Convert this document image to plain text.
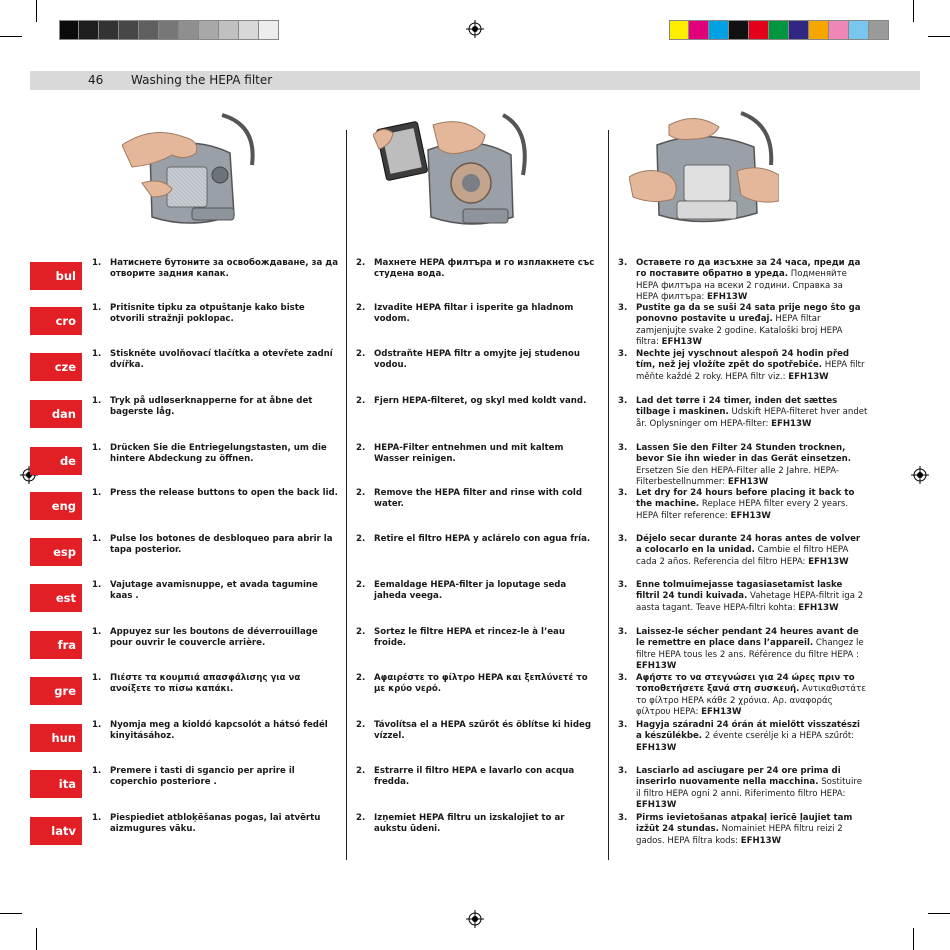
46 Washing the HEPA filter
bul
1. Натиснете бутоните за освобождаване, за да отворите задния капак.
2. Махнете HEPA филтъра и го изплакнете със студена вода.
3. Оставете го да изсъхне за 24 часа, преди да го поставите обратно в уреда. Подменяйте HEPA филтъра на всеки 2 години. Справка за HEPA филтъра: EFH13W
cro
1. Pritisnite tipku za otpuštanje kako biste otvorili stražnji poklopac.
2. Izvadite HEPA filtar i isperite ga hladnom vodom.
3. Pustite ga da se suši 24 sata prije nego što ga ponovno postavite u uređaj. HEPA filtar zamjenjujte svake 2 godine. Kataloški broj HEPA filtra: EFH13W
cze
1. Stiskněte uvolňovací tlačítka a otevřete zadní dvířka.
2. Odstraňte HEPA filtr a omyjte jej studenou vodou.
3. Nechte jej vyschnout alespoň 24 hodin před tím, než jej vložíte zpět do spotřebiče. HEPA filtr měňte každé 2 roky. HEPA filtr viz.: EFH13W
dan
1. Tryk på udløserknapperne for at åbne det bagerste låg.
2. Fjern HEPA-filteret, og skyl med koldt vand.	3. Lad det tørre i 24 timer, inden det sættes tilbage i maskinen. Udskift HEPA-filteret hver andet år. Oplysninger om HEPA-filter: EFH13W
de
1. Drücken Sie die Entriegelungstasten, um die hintere Abdeckung zu öffnen.
2. HEPA-Filter entnehmen und mit kaltem Wasser reinigen.
3. Lassen Sie den Filter 24 Stunden trocknen, bevor Sie ihn wieder in das Gerät einsetzen. Ersetzen Sie den HEPA-Filter alle 2 Jahre. HEPA-Filterbestellnummer: EFH13W
eng
1. Press the release buttons to open the back lid.	2. Remove the HEPA filter and rinse with cold water.
3. Let dry for 24 hours before placing it back to the machine. Replace HEPA filter every 2 years. HEPA filter reference: EFH13W
esp
1. Pulse los botones de desbloqueo para abrir la tapa posterior.
2. Retire el filtro HEPA y aclárelo con agua fría.	3. Déjelo secar durante 24 horas antes de volver a colocarlo en la unidad. Cambie el filtro HEPA cada 2 años. Referencia del filtro HEPA: EFH13W
est
1. Vajutage avamisnuppe, et avada tagumine kaas .
2. Eemaldage HEPA-filter ja loputage seda jaheda veega.
3. Enne tolmuimejasse tagasiasetamist laske filtril 24 tundi kuivada. Vahetage HEPA-filtrit iga 2 aasta tagant. Teave HEPA-filtri kohta: EFH13W
fra
1. Appuyez sur les boutons de déverrouillage pour ouvrir le couvercle arrière.
2. Sortez le filtre HEPA et rincez-le à l’eau froide.
3. Laissez-le sécher pendant 24 heures avant de le remettre en place dans l’appareil. Changez le filtre HEPA tous les 2 ans. Référence du filtre HEPA : EFH13W
gre
1. Πιέστε τα κουμπιά απασφάλισης για να ανοίξετε το πίσω καπάκι.
2. Αφαιρέστε το φίλτρο HEPA και ξεπλύνετέ το με κρύο νερό.
3. Αφήστε το να στεγνώσει για 24 ώρες πριν το τοποθετήσετε ξανά στη συσκευή. Αντικαθιστάτε το φίλτρο HEPA κάθε 2 χρόνια. Αρ. αναφοράς φίλτρου HEPA: EFH13W
hun
1. Nyomja meg a kioldó kapcsolót a hátsó fedél kinyitásához.
2. Távolítsa el a HEPA szűrőt és öblítse ki hideg vízzel.
3. Hagyja száradni 24 órán át mielőtt visszatészi a készülékbe. 2 évente cserélje ki a HEPA szűrőt: EFH13W
ita
1. Premere i tasti di sgancio per aprire il coperchio posteriore .
2. Estrarre il filtro HEPA e lavarlo con acqua fredda.
3. Lasciarlo ad asciugare per 24 ore prima di inserirlo nuovamente nella macchina. Sostituire il filtro HEPA ogni 2 anni. Riferimento filtro HEPA: EFH13W
latv
1. Piespiediet atbloķēšanas pogas, lai atvērtu aizmugures vāku.
2. Izņemiet HEPA filtru un izskalojiet to ar aukstu ūdeni.
3. Pirms ievietošanas atpakaļ ierīcē ļaujiet tam izžūt 24 stundas. Nomainiet HEPA filtru reizi 2 gados. HEPA filtra kods: EFH13W
